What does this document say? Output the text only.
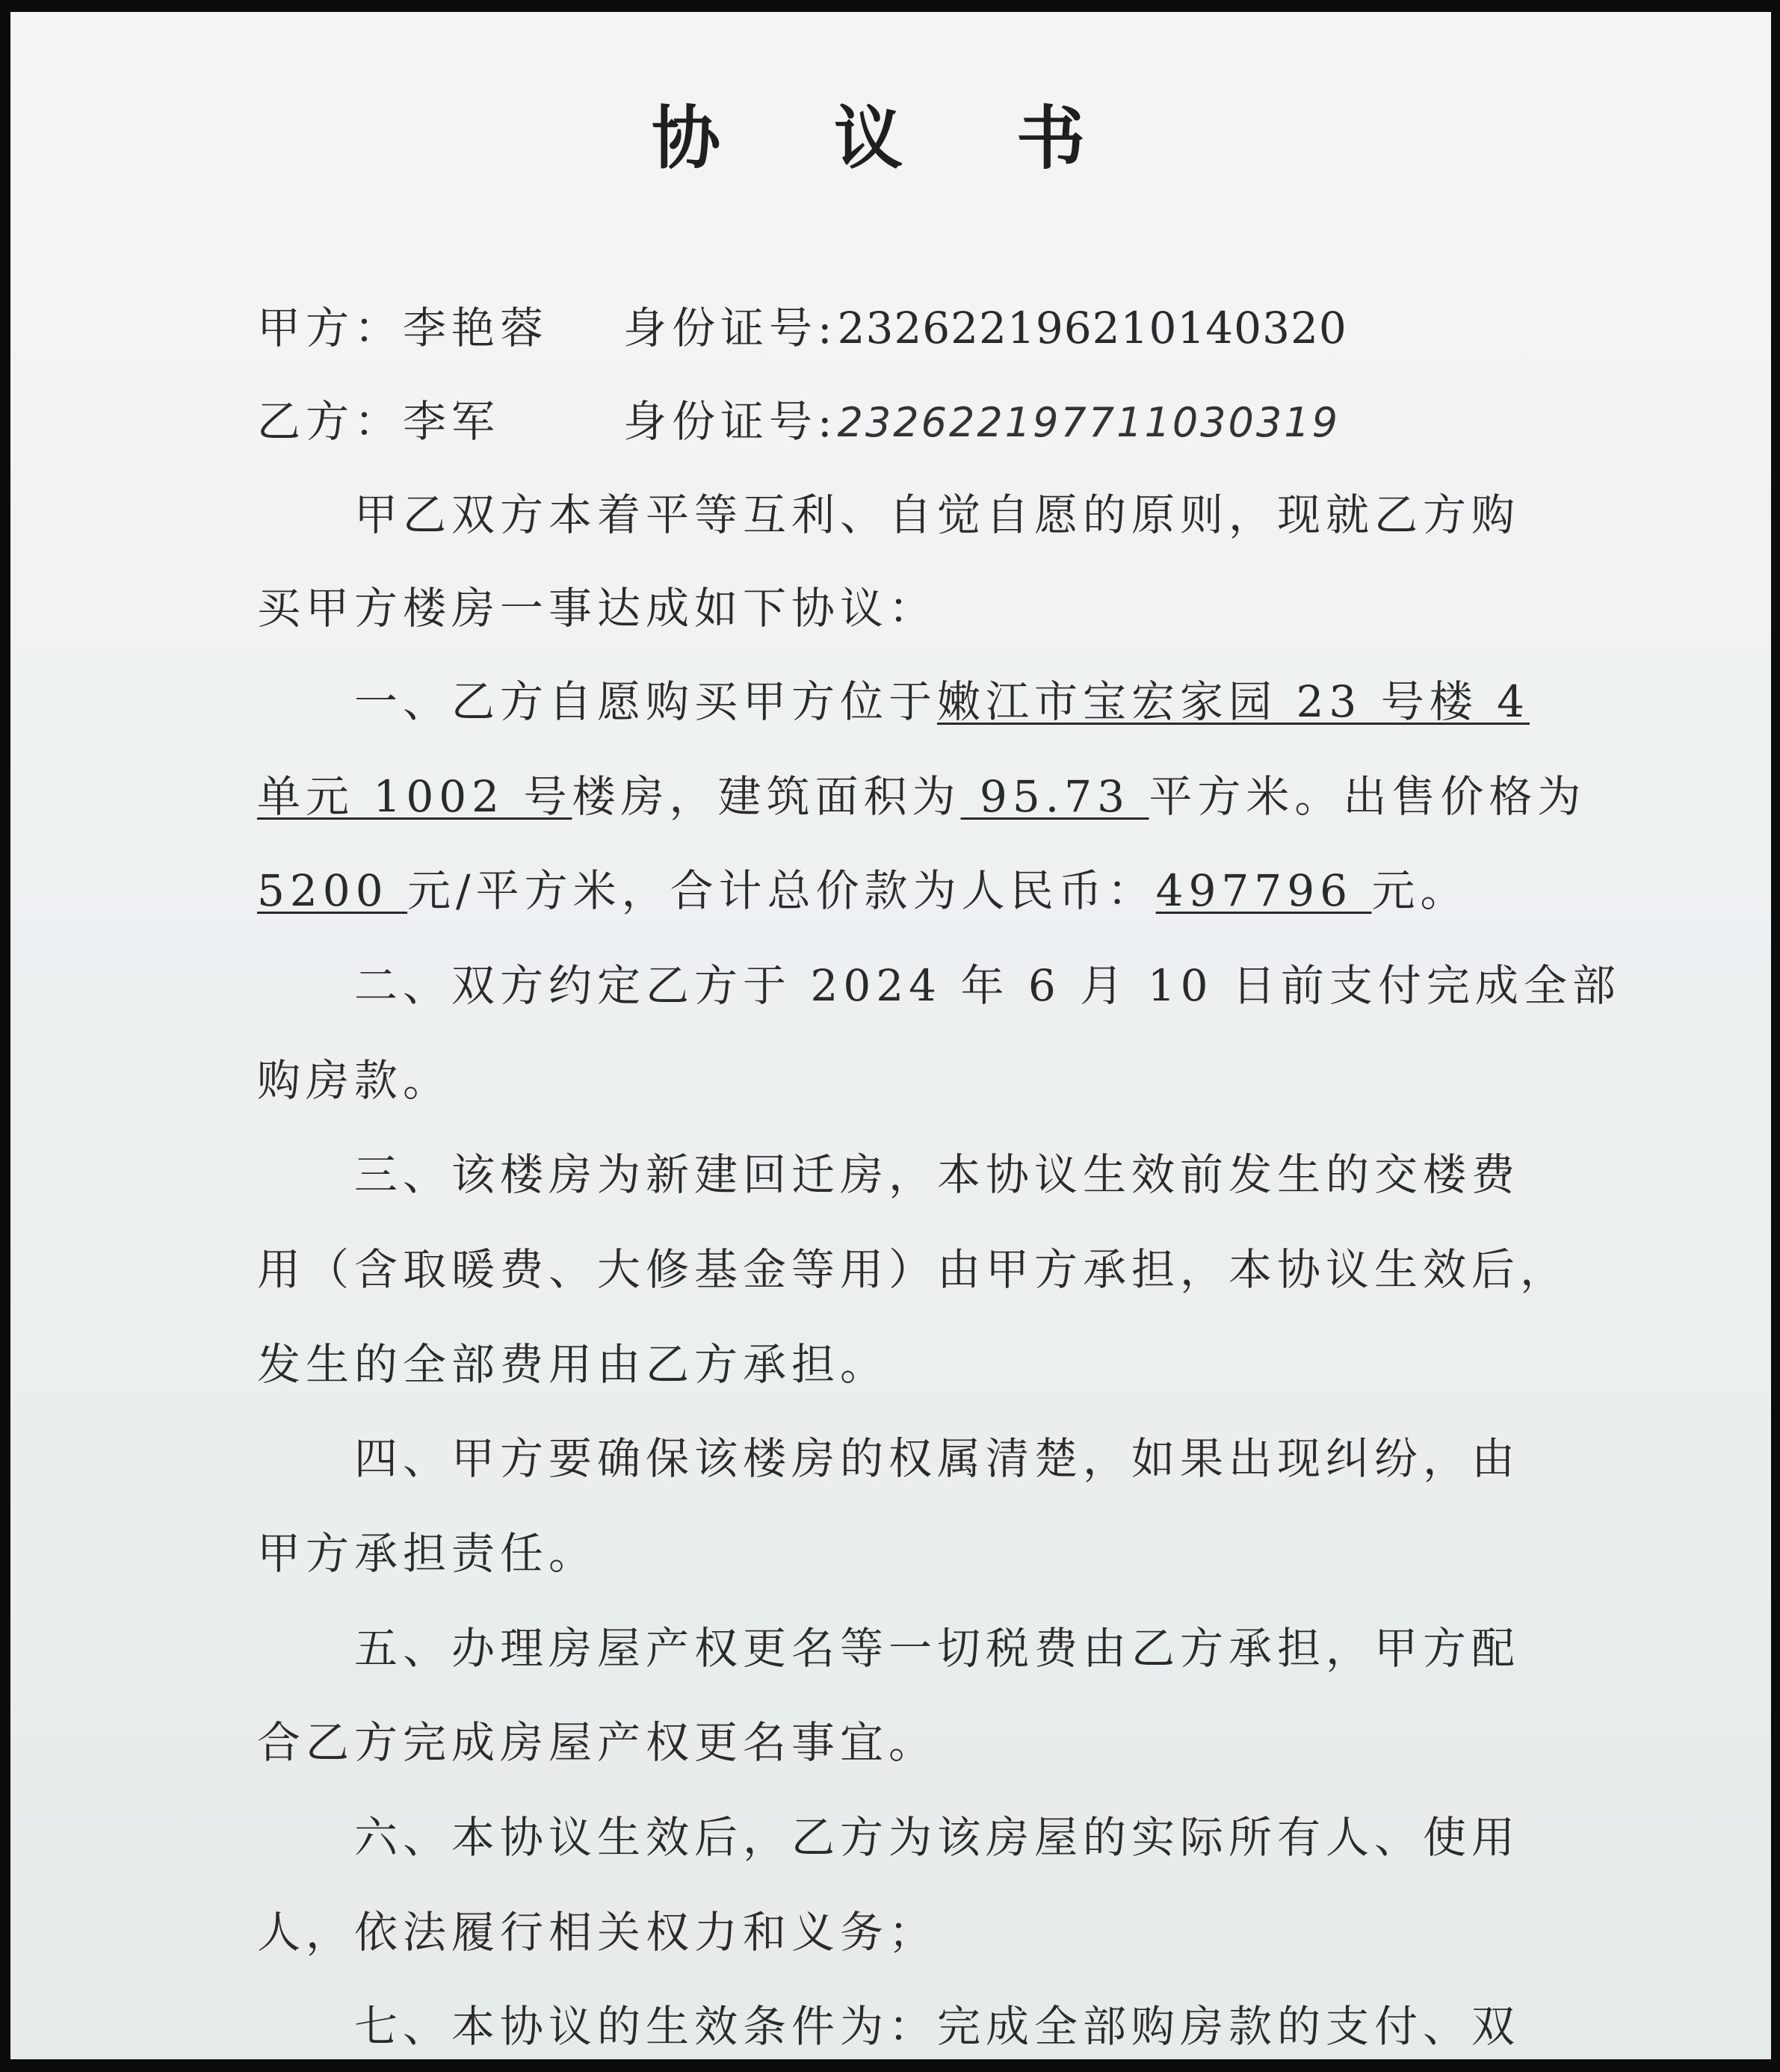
协 议 书
甲方：李艳蓉 身份证号:232622196210140320
乙方：李军	身份证号:232622197711030319
甲乙双方本着平等互利、自觉自愿的原则，现就乙方购
买甲方楼房一事达成如下协议：
一、乙方自愿购买甲方位于嫩江市宝宏家园 23 号楼 4
单元 1002 号楼房，建筑面积为 95.73 平方米。出售价格为
5200 元/平方米，合计总价款为人民币：497796 元。
二、双方约定乙方于 2024 年 6 月 10 日前支付完成全部
购房款。
三、该楼房为新建回迁房，本协议生效前发生的交楼费
用（含取暖费、大修基金等用）由甲方承担，本协议生效后，
发生的全部费用由乙方承担。
四、甲方要确保该楼房的权属清楚，如果出现纠纷，由
甲方承担责任。
五、办理房屋产权更名等一切税费由乙方承担，甲方配
合乙方完成房屋产权更名事宜。
六、本协议生效后，乙方为该房屋的实际所有人、使用
人，依法履行相关权力和义务；
七、本协议的生效条件为：完成全部购房款的支付、双
